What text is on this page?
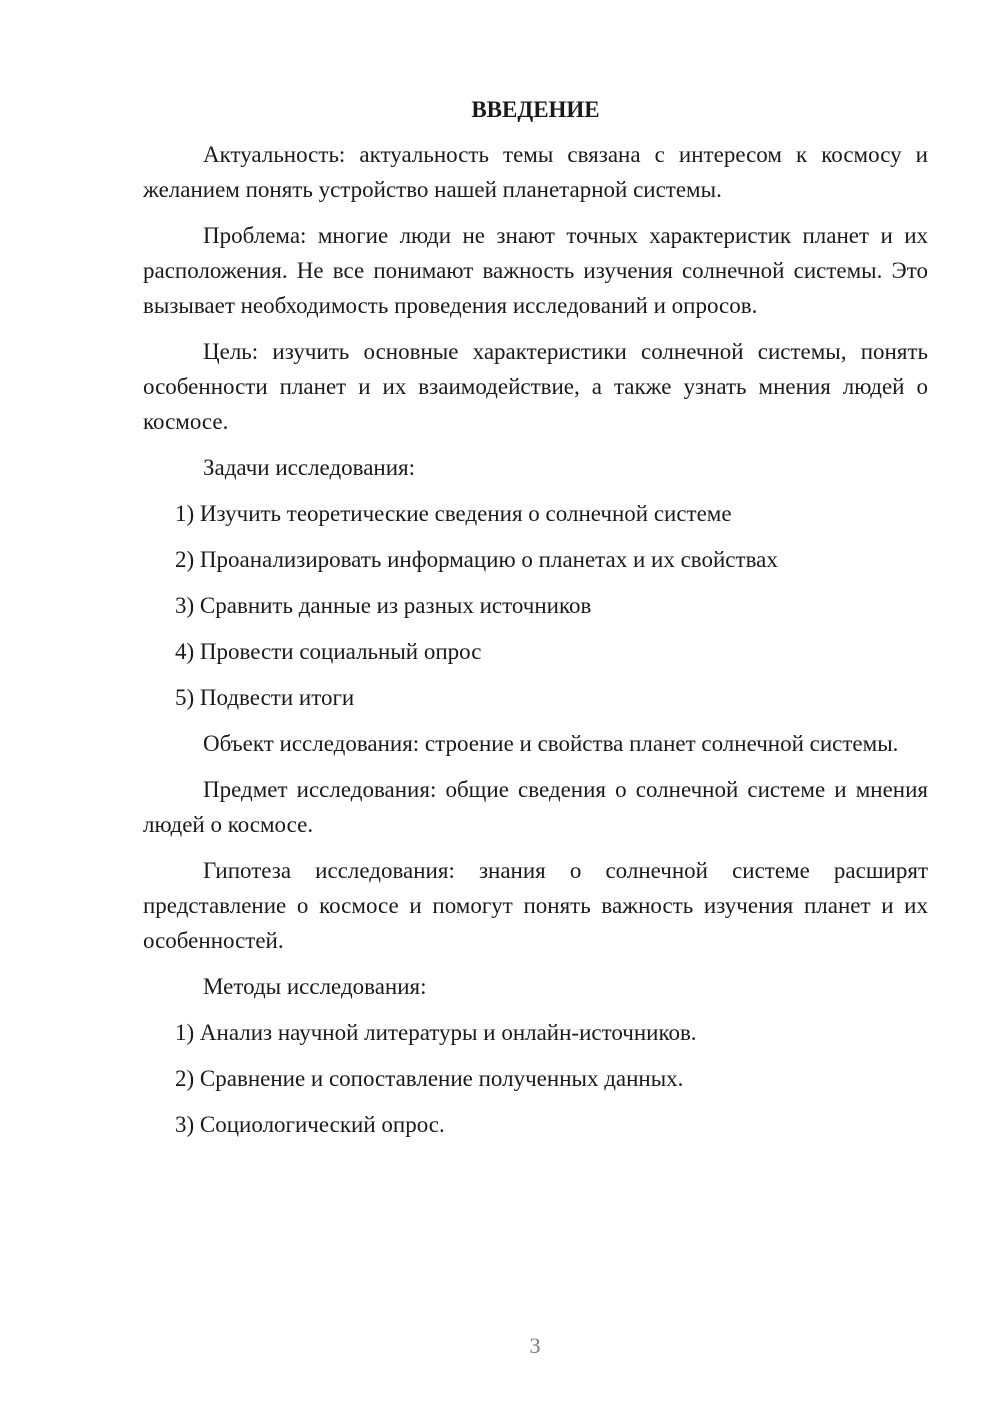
ВВЕДЕНИЕ

Актуальность: актуальность темы связана с интересом к космосу и желанием понять устройство нашей планетарной системы.

Проблема: многие люди не знают точных характеристик планет и их расположения. Не все понимают важность изучения солнечной системы. Это вызывает необходимость проведения исследований и опросов.

Цель: изучить основные характеристики солнечной системы, понять особенности планет и их взаимодействие, а также узнать мнения людей о космосе.

Задачи исследования:

1) Изучить теоретические сведения о солнечной системе

2) Проанализировать информацию о планетах и их свойствах

3) Сравнить данные из разных источников

4) Провести социальный опрос

5) Подвести итоги

Объект исследования: строение и свойства планет солнечной системы.

Предмет исследования: общие сведения о солнечной системе и мнения людей о космосе.

Гипотеза исследования: знания о солнечной системе расширят представление о космосе и помогут понять важность изучения планет и их особенностей.

Методы исследования:

1) Анализ научной литературы и онлайн-источников.

2) Сравнение и сопоставление полученных данных.

3) Социологический опрос.

3
